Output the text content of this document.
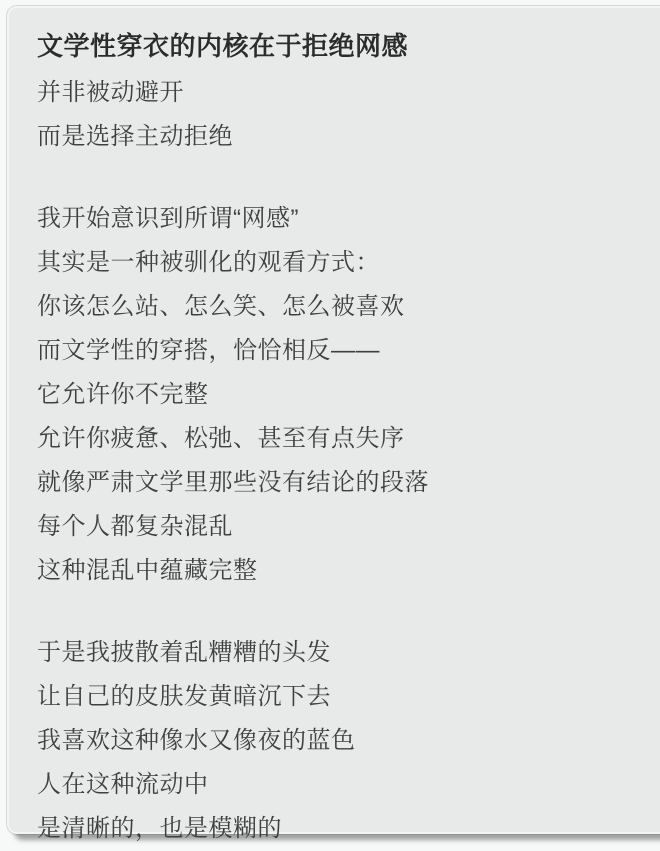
文学性穿衣的内核在于拒绝网感
并非被动避开
而是选择主动拒绝
我开始意识到所谓“网感”
其实是一种被驯化的观看方式：
你该怎么站、怎么笑、怎么被喜欢
而文学性的穿搭，恰恰相反——
它允许你不完整
允许你疲惫、松弛、甚至有点失序
就像严肃文学里那些没有结论的段落
每个人都复杂混乱
这种混乱中蕴藏完整
于是我披散着乱糟糟的头发
让自己的皮肤发黄暗沉下去
我喜欢这种像水又像夜的蓝色
人在这种流动中
是清晰的，也是模糊的
